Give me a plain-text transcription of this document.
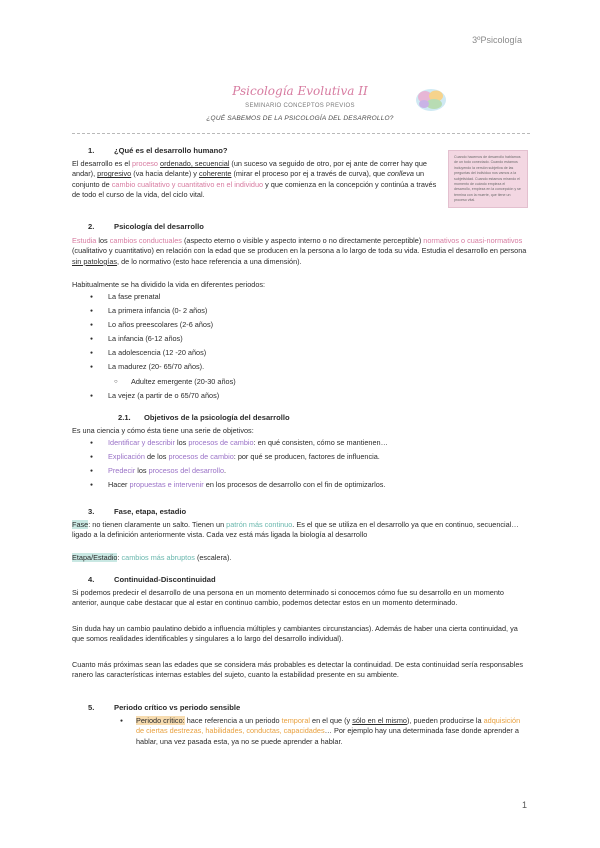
3ºPsicología
Psicología Evolutiva II
SEMINARIO CONCEPTOS PREVIOS
¿QUÉ SABEMOS DE LA PSICOLOGÍA DEL DESARROLLO?
1.	¿Qué es el desarrollo humano?
El desarrollo es el proceso ordenado, secuencial (un suceso va seguido de otro, por ej ante de correr hay que andar), progresivo (va hacia delante) y coherente (mirar el proceso por ej a través de curva), que conlleva un conjunto de cambio cualitativo y cuantitativo en el individuo y que comienza en la concepción y continúa a través de todo el curso de la vida, del ciclo vital.
Cuando hacemos de desarrollo hablamos de un todo conectado. Cuando estamos incluyendo la versión subjetiva de las preguntas del individuo nos vamos a la subjetividad. Cuando estamos mirando el momento de cuándo empieza el desarrollo, empieza en la concepción y se termina con la muerte, que tiene un proceso vital.
2.	Psicología del desarrollo
Estudia los cambios conductuales (aspecto eterno o visible y aspecto interno o no directamente perceptible) normativos o cuasi-normativos (cualitativo y cuantitativo) en relación con la edad que se producen en la persona a lo largo de toda su vida. Estudia el desarrollo en persona sin patologías, de lo normativo (esto hace referencia a una dimensión).
Habitualmente se ha dividido la vida en diferentes periodos:
● La fase prenatal
● La primera infancia (0- 2 años)
● Lo años preescolares (2-6 años)
● La infancia (6-12 años)
● La adolescencia (12 -20 años)
● La madurez (20- 65/70 años).
○ Adultez emergente (20-30 años)
● La vejez (a partir de o 65/70 años)
2.1. Objetivos de la psicología del desarrollo
Es una ciencia y cómo ésta tiene una serie de objetivos:
● Identificar y describir los procesos de cambio: en qué consisten, cómo se mantienen…
● Explicación de los procesos de cambio: por qué se producen, factores de influencia.
● Predecir los procesos del desarrollo.
● Hacer propuestas e intervenir en los procesos de desarrollo con el fin de optimizarlos.
3.	Fase, etapa, estadio
Fase: no tienen claramente un salto. Tienen un patrón más continuo. Es el que se utiliza en el desarrollo ya que en continuo, secuencial… ligado a la definición anteriormente vista. Cada vez está más ligada la biología al desarrollo
Etapa/Estadio: cambios más abruptos (escalera).
4.	Continuidad-Discontinuidad
Si podemos predecir el desarrollo de una persona en un momento determinado si conocemos cómo fue su desarrollo en un momento anterior, aunque cabe destacar que al estar en continuo cambio, podemos detectar estos en un momento determinado.
Sin duda hay un cambio paulatino debido a influencia múltiples y cambiantes circunstancias). Además de haber una cierta continuidad, ya que somos realidades identificables y singulares a lo largo del desarrollo individual).
Cuanto más próximas sean las edades que se considera más probables es detectar la continuidad. De esta continuidad sería responsables ranero las características internas estables del sujeto, cuanto la estabilidad presente en su ambiente.
5.	Periodo crítico vs periodo sensible
● Periodo crítico: hace referencia a un periodo temporal en el que (y sólo en el mismo), pueden producirse la adquisición de ciertas destrezas, habilidades, conductas, capacidades… Por ejemplo hay una determinada fase donde aprender a hablar, una vez pasada esta, ya no se puede aprender a hablar.
1
